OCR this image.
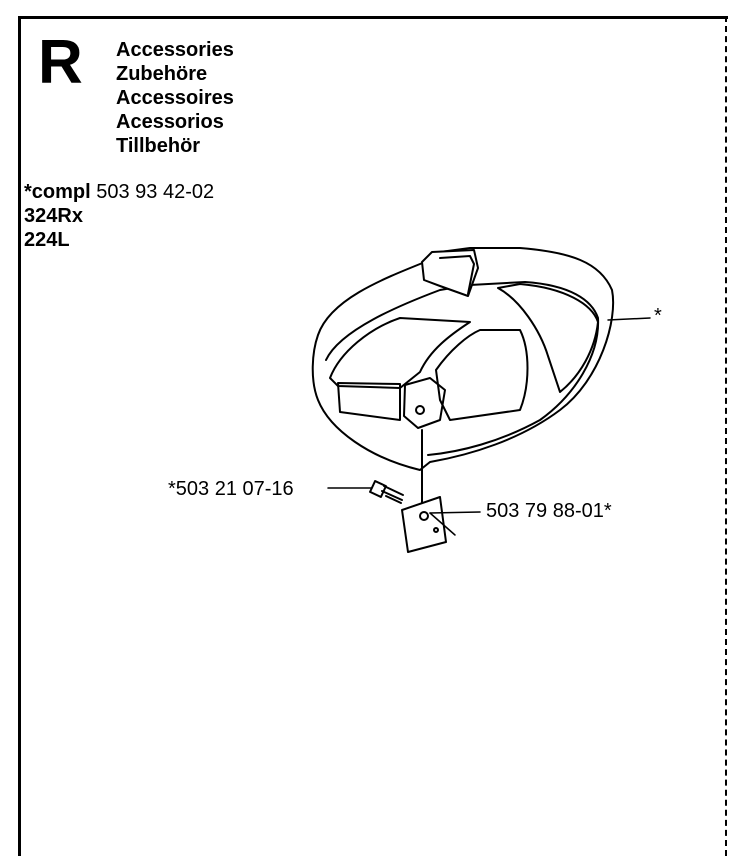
R Accessories
Zubehöre
Accessoires
Acessorios
Tillbehör
*compl 503 93 42-02
324Rx
224L
*
*503 21 07-16
503 79 88-01*
